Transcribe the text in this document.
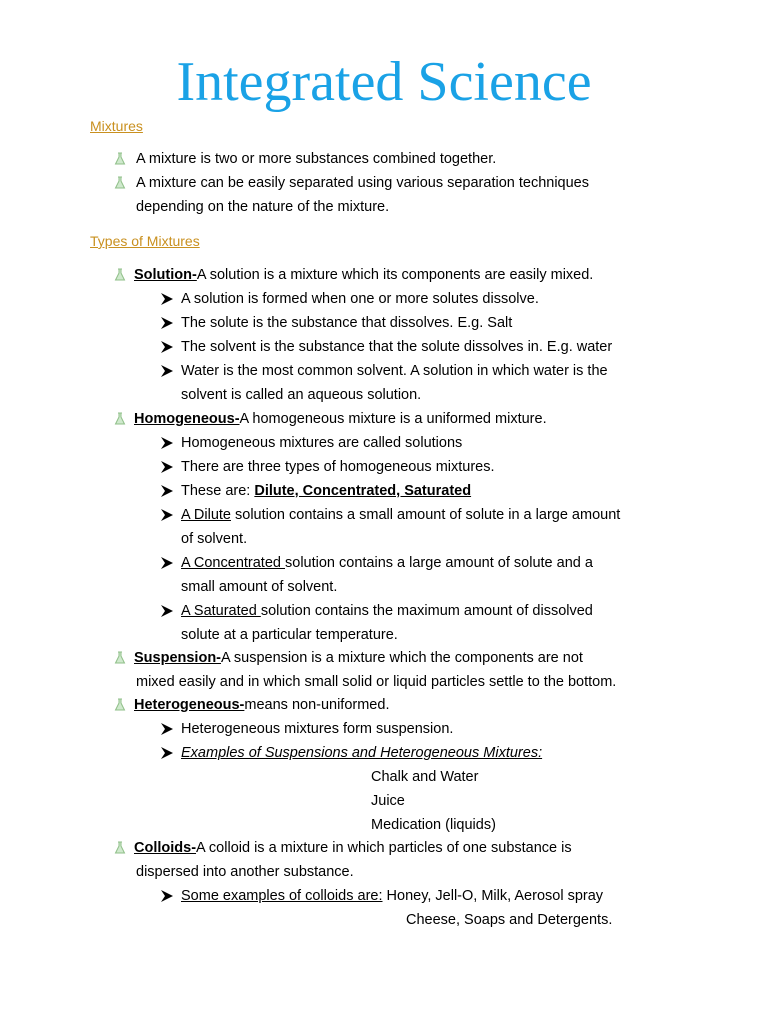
Integrated Science
Mixtures
A mixture is two or more substances combined together.
A mixture can be easily separated using various separation techniques
depending on the nature of the mixture.
Types of Mixtures
Solution-A solution is a mixture which its components are easily mixed.
A solution is formed when one or more solutes dissolve.
The solute is the substance that dissolves. E.g. Salt
The solvent is the substance that the solute dissolves in. E.g. water
Water is the most common solvent. A solution in which water is the
solvent is called an aqueous solution.
Homogeneous-A homogeneous mixture is a uniformed mixture.
Homogeneous mixtures are called solutions
There are three types of homogeneous mixtures.
These are: Dilute, Concentrated, Saturated
A Dilute solution contains a small amount of solute in a large amount
of solvent.
A Concentrated solution contains a large amount of solute and a
small amount of solvent.
A Saturated solution contains the maximum amount of dissolved
solute at a particular temperature.
Suspension-A suspension is a mixture which the components are not
mixed easily and in which small solid or liquid particles settle to the bottom.
Heterogeneous-means non-uniformed.
Heterogeneous mixtures form suspension.
Examples of Suspensions and Heterogeneous Mixtures:
Chalk and Water
Juice
Medication (liquids)
Colloids-A colloid is a mixture in which particles of one substance is
dispersed into another substance.
Some examples of colloids are: Honey, Jell-O, Milk, Aerosol spray
Cheese, Soaps and Detergents.
